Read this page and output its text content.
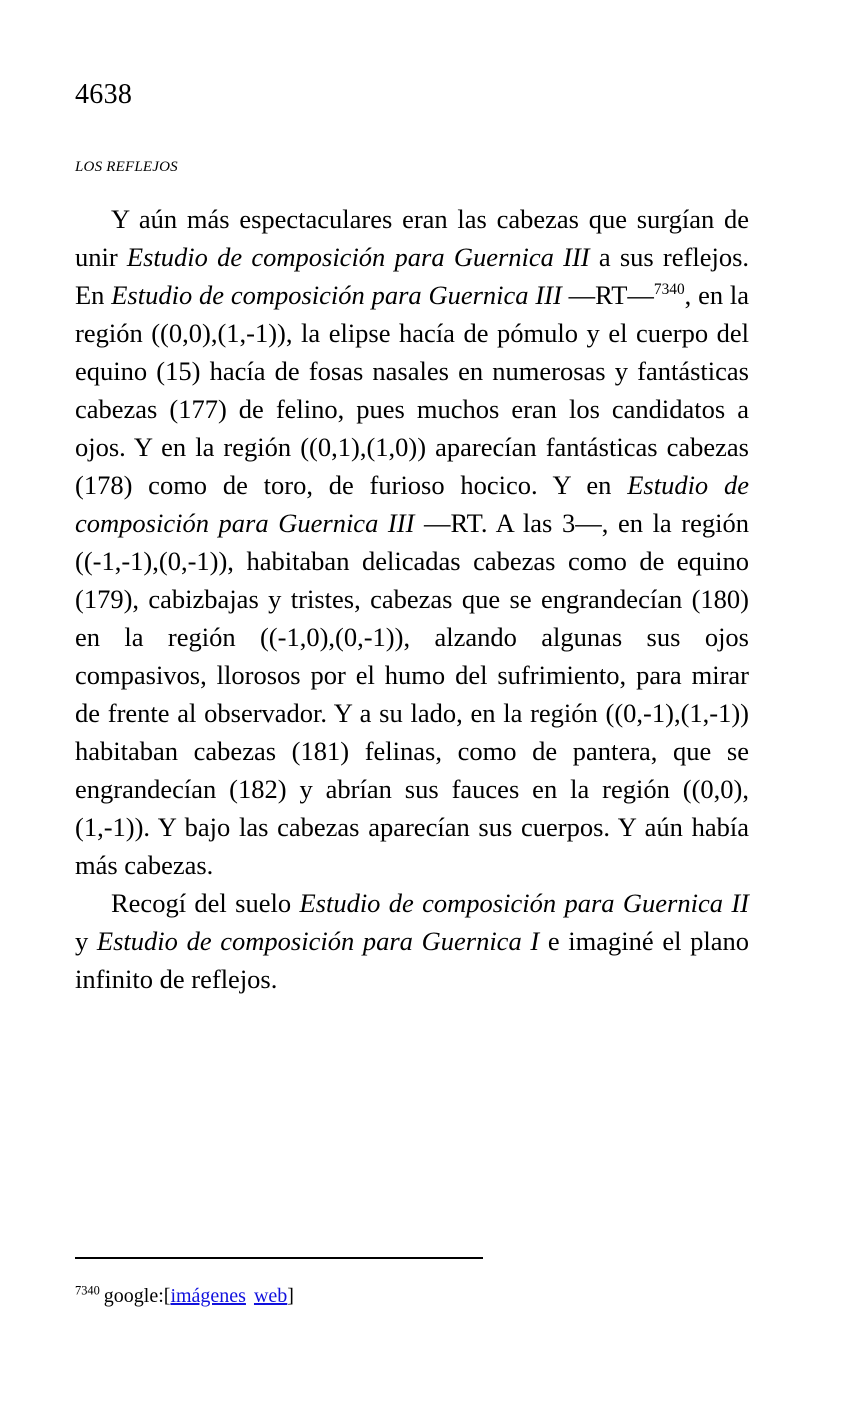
4638
LOS REFLEJOS

Y aún más espectaculares eran las cabezas que surgían de unir Estudio de composición para Guernica III a sus reflejos. En Estudio de composición para Guernica III —RT—$^{7340}$, en la región ((0,0),(1,-1)), la elipse hacía de pómulo y el cuerpo del equino (15) hacía de fosas nasales en numerosas y fantásticas cabezas (177) de felino, pues muchos eran los candidatos a ojos. Y en la región ((0,1),(1,0)) aparecían fantásticas cabezas (178) como de toro, de furioso hocico. Y en Estudio de composición para Guernica III —RT. A las 3—, en la región ((-1,-1),(0,-1)), habitaban delicadas cabezas como de equino (179), cabizbajas y tristes, cabezas que se engrandecían (180) en la región ((-1,0),(0,-1)), alzando algunas sus ojos compasivos, llorosos por el humo del sufrimiento, para mirar de frente al observador. Y a su lado, en la región ((0,-1),(1,-1)) habitaban cabezas (181) felinas, como de pantera, que se engrandecían (182) y abrían sus fauces en la región ((0,0),(1,-1)). Y bajo las cabezas aparecían sus cuerpos. Y aún había más cabezas.

Recogí del suelo Estudio de composición para Guernica II y Estudio de composición para Guernica I e imaginé el plano infinito de reflejos.

$^{7340}$ google:[imágenes web]
